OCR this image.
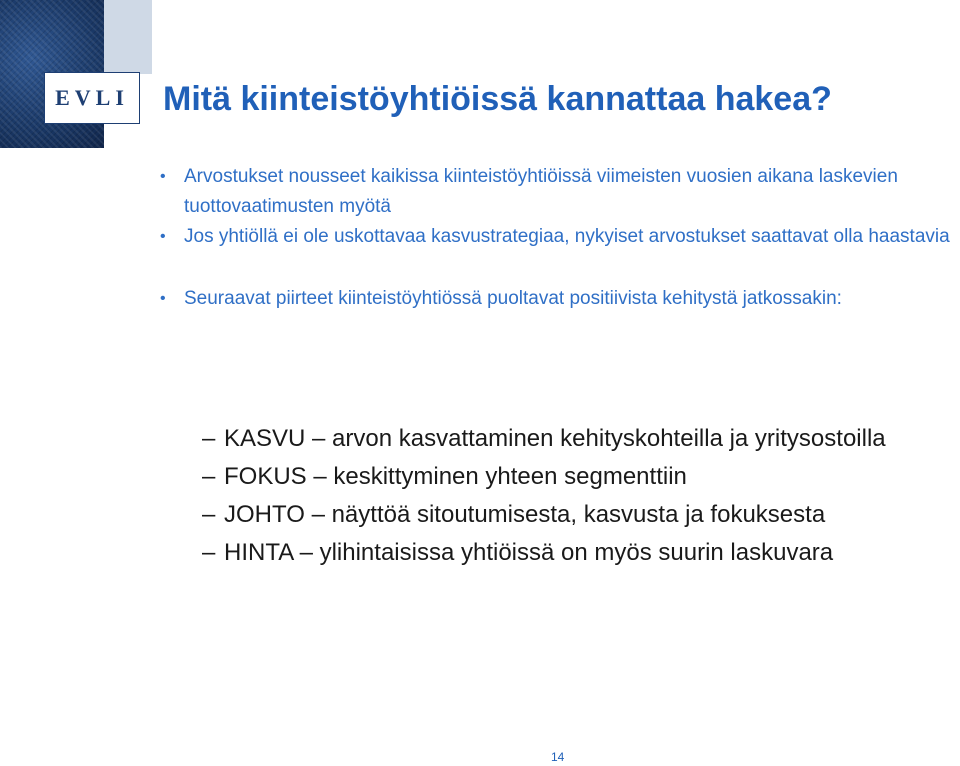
EVLI Mitä kiinteistöyhtiöissä kannattaa hakea?
• Arvostukset nousseet kaikissa kiinteistöyhtiöissä viimeisten vuosien aikana laskevien tuottovaatimusten myötä
• Jos yhtiöllä ei ole uskottavaa kasvustrategiaa, nykyiset arvostukset saattavat olla haastavia
• Seuraavat piirteet kiinteistöyhtiössä puoltavat positiivista kehitystä jatkossakin:
– KASVU – arvon kasvattaminen kehityskohteilla ja yritysostoilla
– FOKUS – keskittyminen yhteen segmenttiin
– JOHTO – näyttöä sitoutumisesta, kasvusta ja fokuksesta
– HINTA – ylihintaisissa yhtiöissä on myös suurin laskuvara
14
